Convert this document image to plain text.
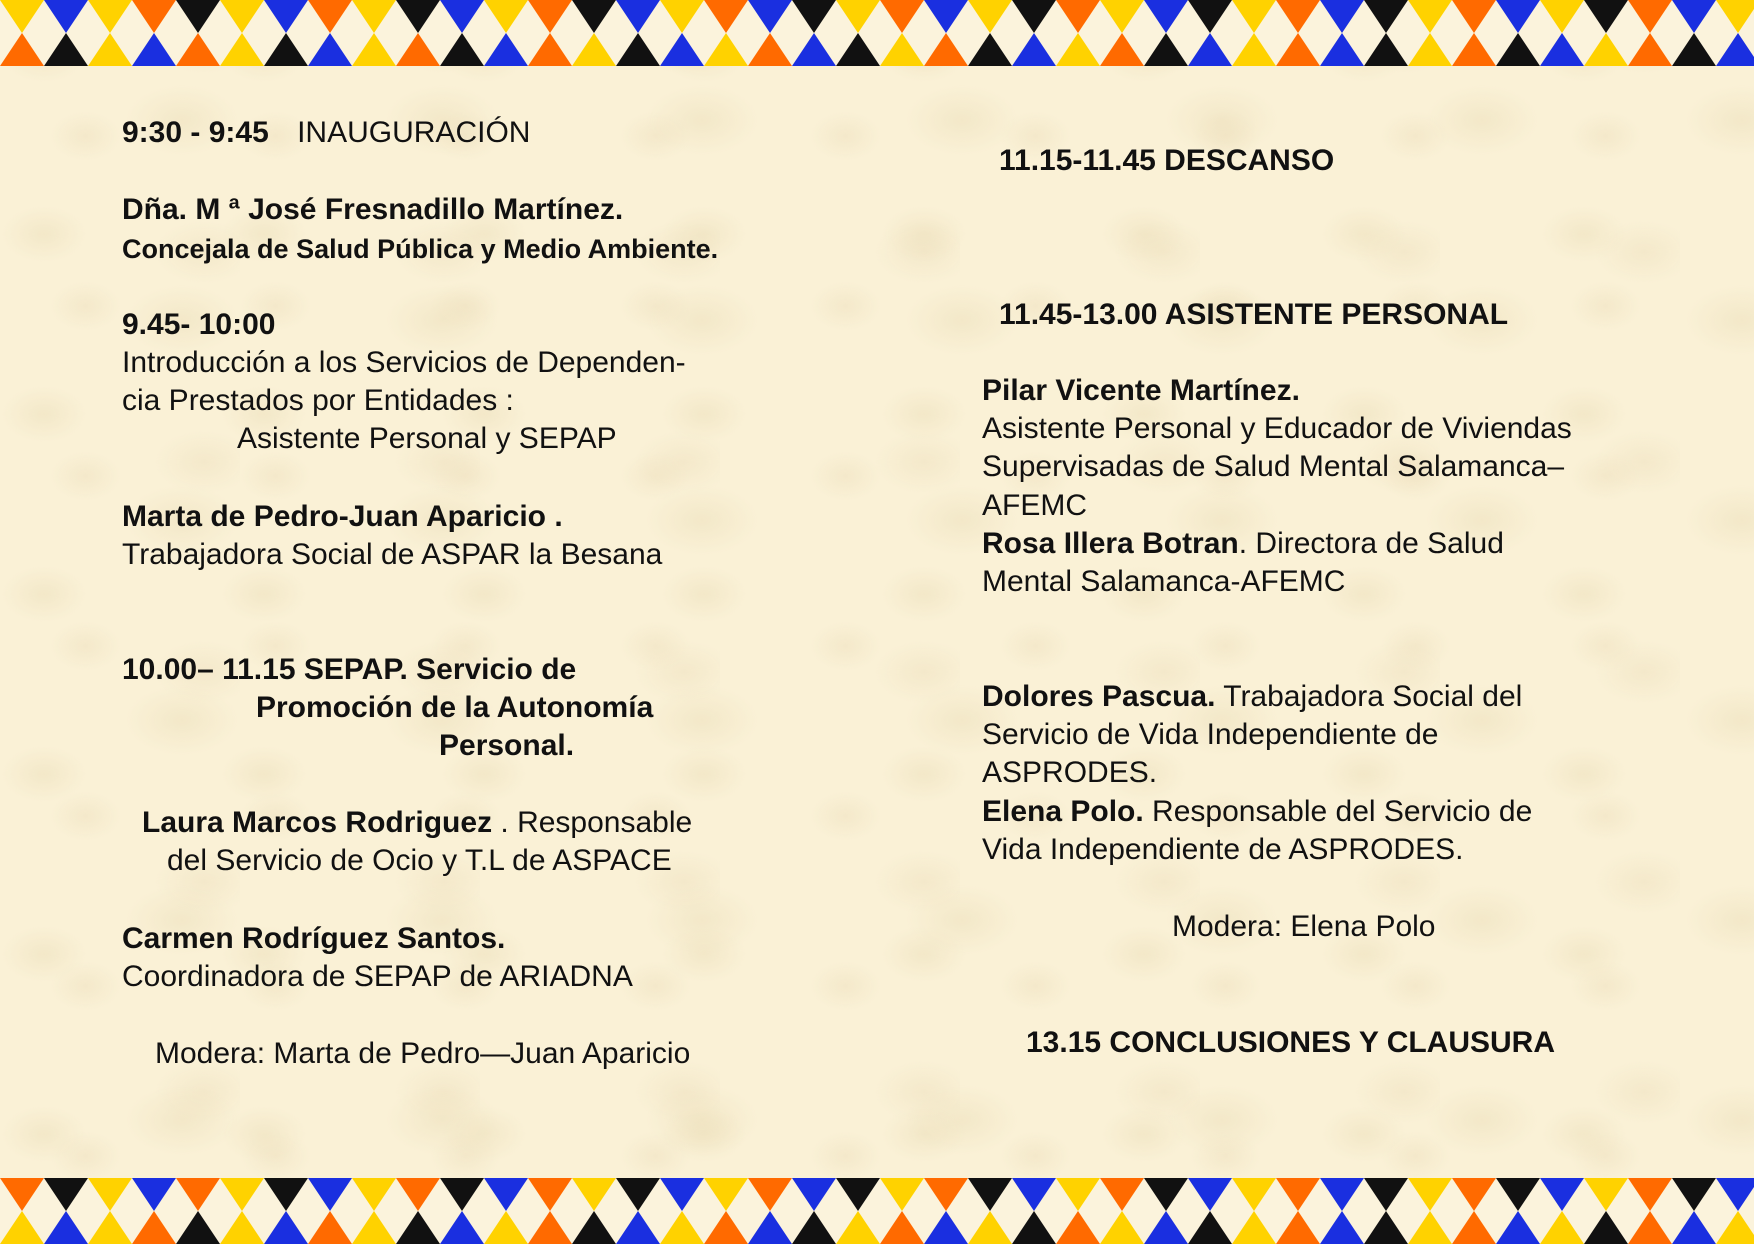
9:30 - 9:45 INAUGURACIÓN
Dña. M ª José Fresnadillo Martínez.
Concejala de Salud Pública y Medio Ambiente.
9.45- 10:00
Introducción a los Servicios de Dependen-
cia Prestados por Entidades :
Asistente Personal y SEPAP
Marta de Pedro-Juan Aparicio .
Trabajadora Social de ASPAR la Besana
10.00– 11.15 SEPAP. Servicio de
Promoción de la Autonomía
Personal.
Laura Marcos Rodriguez . Responsable
del Servicio de Ocio y T.L de ASPACE
Carmen Rodríguez Santos.
Coordinadora de SEPAP de ARIADNA
Modera: Marta de Pedro—Juan Aparicio
11.15-11.45 DESCANSO
11.45-13.00 ASISTENTE PERSONAL
Pilar Vicente Martínez.
Asistente Personal y Educador de Viviendas
Supervisadas de Salud Mental Salamanca–
AFEMC
Rosa Illera Botran. Directora de Salud
Mental Salamanca-AFEMC
Dolores Pascua. Trabajadora Social del
Servicio de Vida Independiente de
ASPRODES.
Elena Polo. Responsable del Servicio de
Vida Independiente de ASPRODES.
Modera: Elena Polo
13.15 CONCLUSIONES Y CLAUSURA
